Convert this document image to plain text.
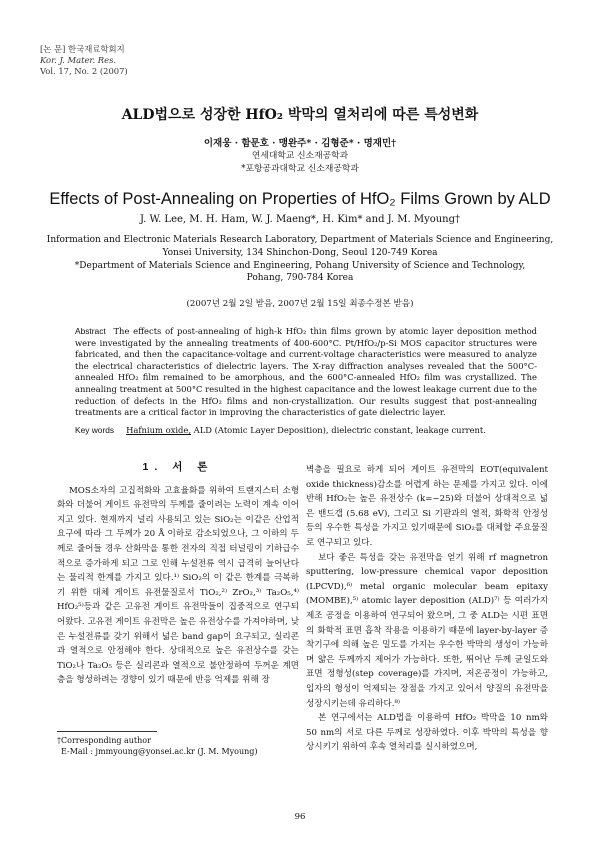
[논 문] 한국재료학회지
Kor. J. Mater. Res.
Vol. 17, No. 2 (2007)
ALD법으로 성장한 HfO₂ 박막의 열처리에 따른 특성변화
이재웅 · 함문호 · 맹완주* · 김형준* · 명재민†
연세대학교 신소재공학과
*포항공과대학교 신소재공학과
Effects of Post-Annealing on Properties of HfO₂ Films Grown by ALD
J. W. Lee, M. H. Ham, W. J. Maeng*, H. Kim* and J. M. Myoung†
Information and Electronic Materials Research Laboratory, Department of Materials Science and Engineering,
Yonsei University, 134 Shinchon-Dong, Seoul 120-749 Korea
*Department of Materials Science and Engineering, Pohang University of Science and Technology,
Pohang, 790-784 Korea
(2007년 2월 2일 받음, 2007년 2월 15일 최종수정본 받음)
Abstract The effects of post-annealing of high-k HfO₂ thin films grown by atomic layer deposition method were investigated by the annealing treatments of 400-600°C. Pt/HfO₂/p-Si MOS capacitor structures were fabricated, and then the capacitance-voltage and current-voltage characteristics were measured to analyze the electrical characteristics of dielectric layers. The X-ray diffraction analyses revealed that the 500°C-annealed HfO₂ film remained to be amorphous, and the 600°C-annealed HfO₂ film was crystallized. The annealing treatment at 500°C resulted in the highest capacitance and the lowest leakage current due to the reduction of defects in the HfO₂ films and non-crystallization. Our results suggest that post-annealing treatments are a critical factor in improving the characteristics of gate dielectric layer.
Key words Hafnium oxide, ALD (Atomic Layer Deposition), dielectric constant, leakage current.
1. 서 론

MOS소자의 고집적화와 고효율화를 위하여 트랜지스터 소형화와 더불어 게이트 유전막의 두께를 줄이려는 노력이 계속 이어지고 있다. 현재까지 널리 사용되고 있는 SiO₂는 이같은 산업적 요구에 따라 그 두께가 20 Å 이하로 감소되었으나, 그 이하의 두께로 줄어들 경우 산화막을 통한 전자의 직접 터널링이 기하급수적으로 증가하게 되고 그로 인해 누설전류 역시 급격히 늘어난다는 물리적 한계를 가지고 있다.¹⁾ SiO₂의 이 같은 한계를 극복하기 위한 대체 게이트 유전물질로서 TiO₂,²⁾ ZrO₂,³⁾ Ta₂O₅,⁴⁾ HfO₂⁵⁾등과 같은 고유전 게이트 유전막들이 집중적으로 연구되어왔다. 고유전 게이트 유전막은 높은 유전상수를 가져야하며, 낮은 누설전류를 갖기 위해서 넓은 band gap이 요구되고, 실리콘과 열적으로 안정해야 한다. 상대적으로 높은 유전상수를 갖는 TiO₂나 Ta₂O₅ 등은 실리콘과 열적으로 불안정하여 두꺼운 계면층을 형성하려는 경향이 있기 때문에 반응 억제를 위해 장

벽층을 필요로 하게 되어 게이트 유전막의 EOT(equivalent oxide thickness)감소를 어렵게 하는 문제를 가지고 있다. 이에 반해 HfO₂는 높은 유전상수 (k=~25)와 더불어 상대적으로 넓은 밴드갭 (5.68 eV), 그리고 Si 기판과의 열적, 화학적 안정성 등의 우수한 특성을 가지고 있기때문에 SiO₂를 대체할 주요물질로 연구되고 있다.

보다 좋은 특성을 갖는 유전막을 얻기 위해 rf magnetron sputtering, low-pressure chemical vapor deposition (LPCVD),⁶⁾ metal organic molecular beam epitaxy (MOMBE),⁵⁾ atomic layer deposition (ALD)⁷⁾ 등 여러가지 제조 공정을 이용하여 연구되어 왔으며, 그 중 ALD는 시편 표면의 화학적 표면 흡착 작용을 이용하기 때문에 layer-by-layer 증착기구에 의해 높은 밀도를 가지는 우수한 박막의 생성이 가능하며 얇은 두께까지 제어가 가능하다. 또한, 뛰어난 두께 균일도와 표면 정형성(step coverage)를 가지며, 저온공정이 가능하고, 입자의 형성이 억제되는 장점을 가지고 있어서 양질의 유전막을 성장시키는데 유리하다.⁸⁾

본 연구에서는 ALD법을 이용하여 HfO₂ 박막을 10 nm와 50 nm의 서로 다른 두께로 성장하였다. 이후 박막의 특성을 향상시키기 위하여 후속 열처리를 실시하였으며,

†Corresponding author
E-Mail : jmmyoung@yonsei.ac.kr (J. M. Myoung)
96
